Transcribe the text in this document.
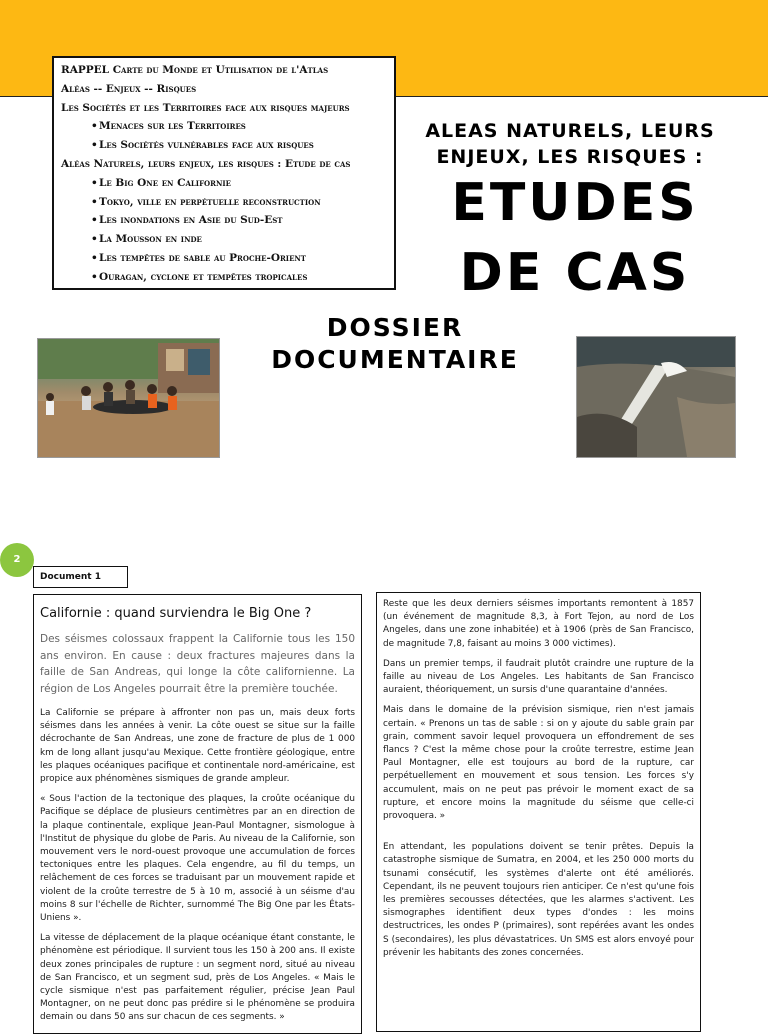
RAPPEL Carte du Monde et Utilisation de l'Atlas
Aléas -- Enjeux -- Risques
Les Sociétés et les Territoires face aux risques majeurs
•Menaces sur les Territoires
•Les Sociétés vulnérables face aux risques
Aléas Naturels, leurs enjeux, les risques : Etude de cas
•Le Big One en Californie
•Tokyo, ville en perpétuelle reconstruction
•Les inondations en Asie du Sud-Est
•La Mousson en inde
•Les tempêtes de sable au Proche-Orient
•Ouragan, cyclone et tempêtes tropicales
ALEAS NATURELS, LEURS ENJEUX, LES RISQUES :
ETUDES DE CAS
DOSSIER DOCUMENTAIRE
2
Document 1
Californie : quand surviendra le Big One ?
Des séismes colossaux frappent la Californie tous les 150 ans environ. En cause : deux fractures majeures dans la faille de San Andreas, qui longe la côte californienne. La région de Los Angeles pourrait être la première touchée.
La Californie se prépare à affronter non pas un, mais deux forts séismes dans les années à venir. La côte ouest se situe sur la faille décrochante de San Andreas, une zone de fracture de plus de 1 000 km de long allant jusqu'au Mexique. Cette frontière géologique, entre les plaques océaniques pacifique et continentale nord-américaine, est propice aux phénomènes sismiques de grande ampleur.
« Sous l'action de la tectonique des plaques, la croûte océanique du Pacifique se déplace de plusieurs centimètres par an en direction de la plaque continentale, explique Jean-Paul Montagner, sismologue à l'Institut de physique du globe de Paris. Au niveau de la Californie, son mouvement vers le nord-ouest provoque une accumulation de forces tectoniques entre les plaques. Cela engendre, au fil du temps, un relâchement de ces forces se traduisant par un mouvement rapide et violent de la croûte terrestre de 5 à 10 m, associé à un séisme d'au moins 8 sur l'échelle de Richter, surnommé The Big One par les États-Uniens ».
La vitesse de déplacement de la plaque océanique étant constante, le phénomène est périodique. Il survient tous les 150 à 200 ans. Il existe deux zones principales de rupture : un segment nord, situé au niveau de San Francisco, et un segment sud, près de Los Angeles. « Mais le cycle sismique n'est pas parfaitement régulier, précise Jean Paul Montagner, on ne peut donc pas prédire si le phénomène se produira demain ou dans 50 ans sur chacun de ces segments. »
Reste que les deux derniers séismes importants remontent à 1857 (un événement de magnitude 8,3, à Fort Tejon, au nord de Los Angeles, dans une zone inhabitée) et à 1906 (près de San Francisco, de magnitude 7,8, faisant au moins 3 000 victimes).
Dans un premier temps, il faudrait plutôt craindre une rupture de la faille au niveau de Los Angeles. Les habitants de San Francisco auraient, théoriquement, un sursis d'une quarantaine d'années.
Mais dans le domaine de la prévision sismique, rien n'est jamais certain. « Prenons un tas de sable : si on y ajoute du sable grain par grain, comment savoir lequel provoquera un effondrement de ses flancs ? C'est la même chose pour la croûte terrestre, estime Jean Paul Montagner, elle est toujours au bord de la rupture, car perpétuellement en mouvement et sous tension. Les forces s'y accumulent, mais on ne peut pas prévoir le moment exact de sa rupture, et encore moins la magnitude du séisme que celle-ci provoquera. »
En attendant, les populations doivent se tenir prêtes. Depuis la catastrophe sismique de Sumatra, en 2004, et les 250 000 morts du tsunami consécutif, les systèmes d'alerte ont été améliorés. Cependant, ils ne peuvent toujours rien anticiper. Ce n'est qu'une fois les premières secousses détectées, que les alarmes s'activent. Les sismographes identifient deux types d'ondes : les moins destructrices, les ondes P (primaires), sont repérées avant les ondes S (secondaires), les plus dévastatrices. Un SMS est alors envoyé pour prévenir les habitants des zones concernées.
